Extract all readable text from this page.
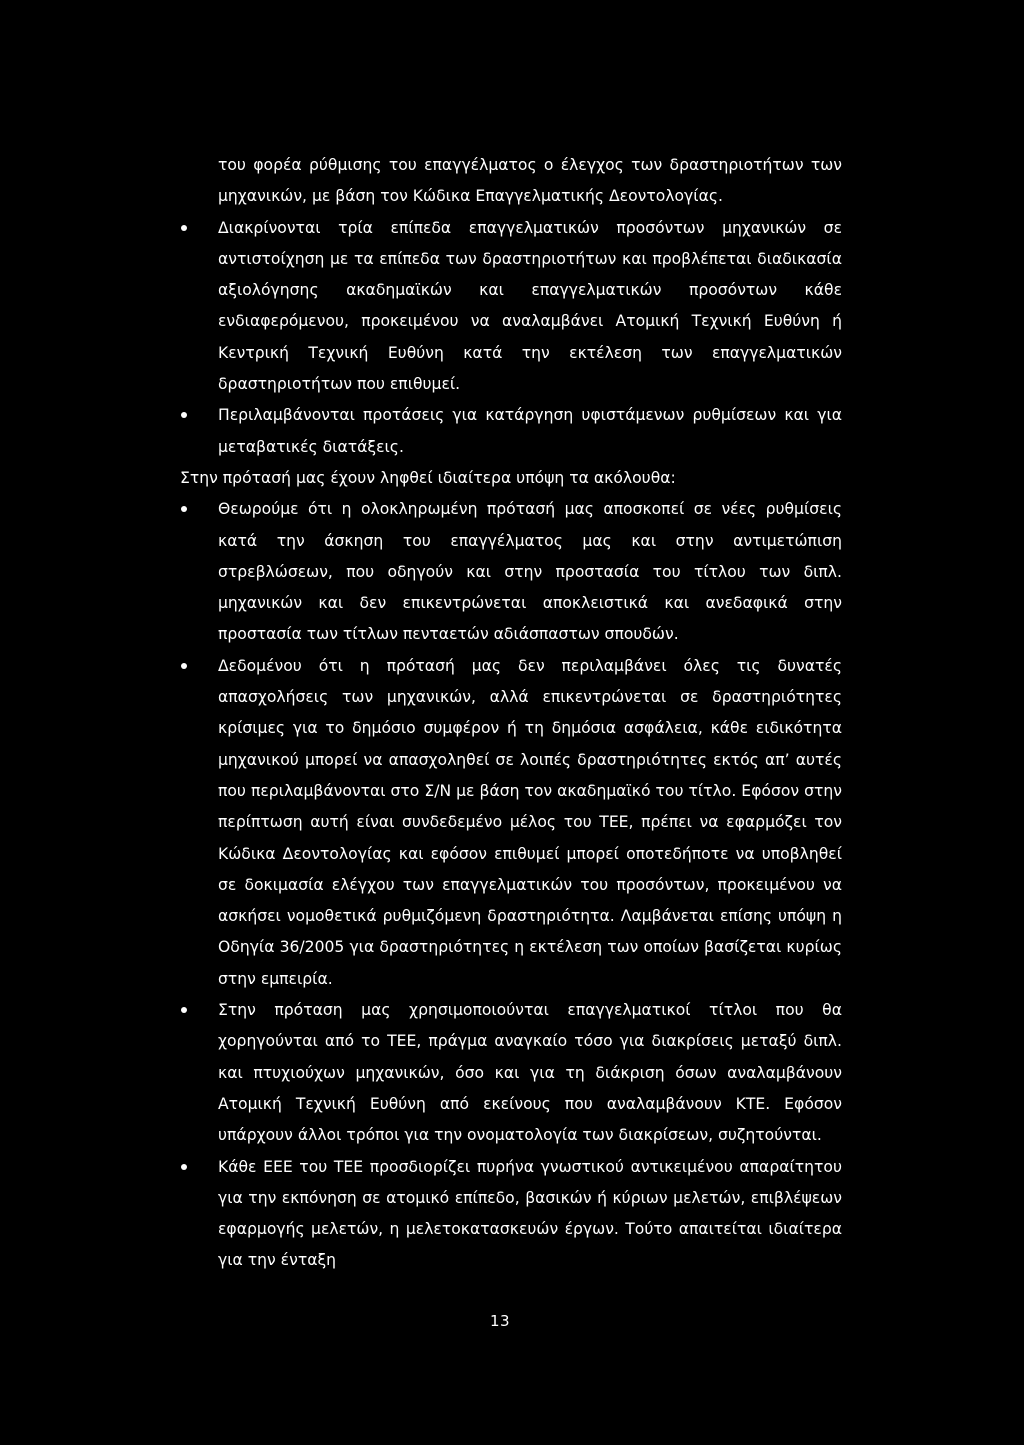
του φορέα ρύθμισης του επαγγέλματος ο έλεγχος των δραστηριοτήτων των μηχανικών, με βάση τον Κώδικα Επαγγελματικής Δεοντολογίας.

Διακρίνονται τρία επίπεδα επαγγελματικών προσόντων μηχανικών σε αντιστοίχηση με τα επίπεδα των δραστηριοτήτων και προβλέπεται διαδικασία αξιολόγησης ακαδημαϊκών και επαγγελματικών προσόντων κάθε ενδιαφερόμενου, προκειμένου να αναλαμβάνει Ατομική Τεχνική Ευθύνη ή Κεντρική Τεχνική Ευθύνη κατά την εκτέλεση των επαγγελματικών δραστηριοτήτων που επιθυμεί.
Περιλαμβάνονται προτάσεις για κατάργηση υφιστάμενων ρυθμίσεων και για μεταβατικές διατάξεις.

Στην πρότασή μας έχουν ληφθεί ιδιαίτερα υπόψη τα ακόλουθα:

Θεωρούμε ότι η ολοκληρωμένη πρότασή μας αποσκοπεί σε νέες ρυθμίσεις κατά την άσκηση του επαγγέλματος μας και στην αντιμετώπιση στρεβλώσεων, που οδηγούν και στην προστασία του τίτλου των διπλ. μηχανικών και δεν επικεντρώνεται αποκλειστικά και ανεδαφικά στην προστασία των τίτλων πενταετών αδιάσπαστων σπουδών.
Δεδομένου ότι η πρότασή μας δεν περιλαμβάνει όλες τις δυνατές απασχολήσεις των μηχανικών, αλλά επικεντρώνεται σε δραστηριότητες κρίσιμες για το δημόσιο συμφέρον ή τη δημόσια ασφάλεια, κάθε ειδικότητα μηχανικού μπορεί να απασχοληθεί σε λοιπές δραστηριότητες εκτός απ’ αυτές που περιλαμβάνονται στο Σ/Ν με βάση τον ακαδημαϊκό του τίτλο. Εφόσον στην περίπτωση αυτή είναι συνδεδεμένο μέλος του ΤΕΕ, πρέπει να εφαρμόζει τον Κώδικα Δεοντολογίας και εφόσον επιθυμεί μπορεί οποτεδήποτε να υποβληθεί σε δοκιμασία ελέγχου των επαγγελματικών του προσόντων, προκειμένου να ασκήσει νομοθετικά ρυθμιζόμενη δραστηριότητα. Λαμβάνεται επίσης υπόψη η Οδηγία 36/2005 για δραστηριότητες η εκτέλεση των οποίων βασίζεται κυρίως στην εμπειρία.
Στην πρόταση μας χρησιμοποιούνται επαγγελματικοί τίτλοι που θα χορηγούνται από το ΤΕΕ, πράγμα αναγκαίο τόσο για διακρίσεις μεταξύ διπλ. και πτυχιούχων μηχανικών, όσο και για τη διάκριση όσων αναλαμβάνουν Ατομική Τεχνική Ευθύνη από εκείνους που αναλαμβάνουν ΚΤΕ. Εφόσον υπάρχουν άλλοι τρόποι για την ονοματολογία των διακρίσεων, συζητούνται.
Κάθε ΕΕΕ του ΤΕΕ προσδιορίζει πυρήνα γνωστικού αντικειμένου απαραίτητου για την εκπόνηση σε ατομικό επίπεδο, βασικών ή κύριων μελετών, επιβλέψεων εφαρμογής μελετών, η μελετοκατασκευών έργων. Τούτο απαιτείται ιδιαίτερα για την ένταξη
13
